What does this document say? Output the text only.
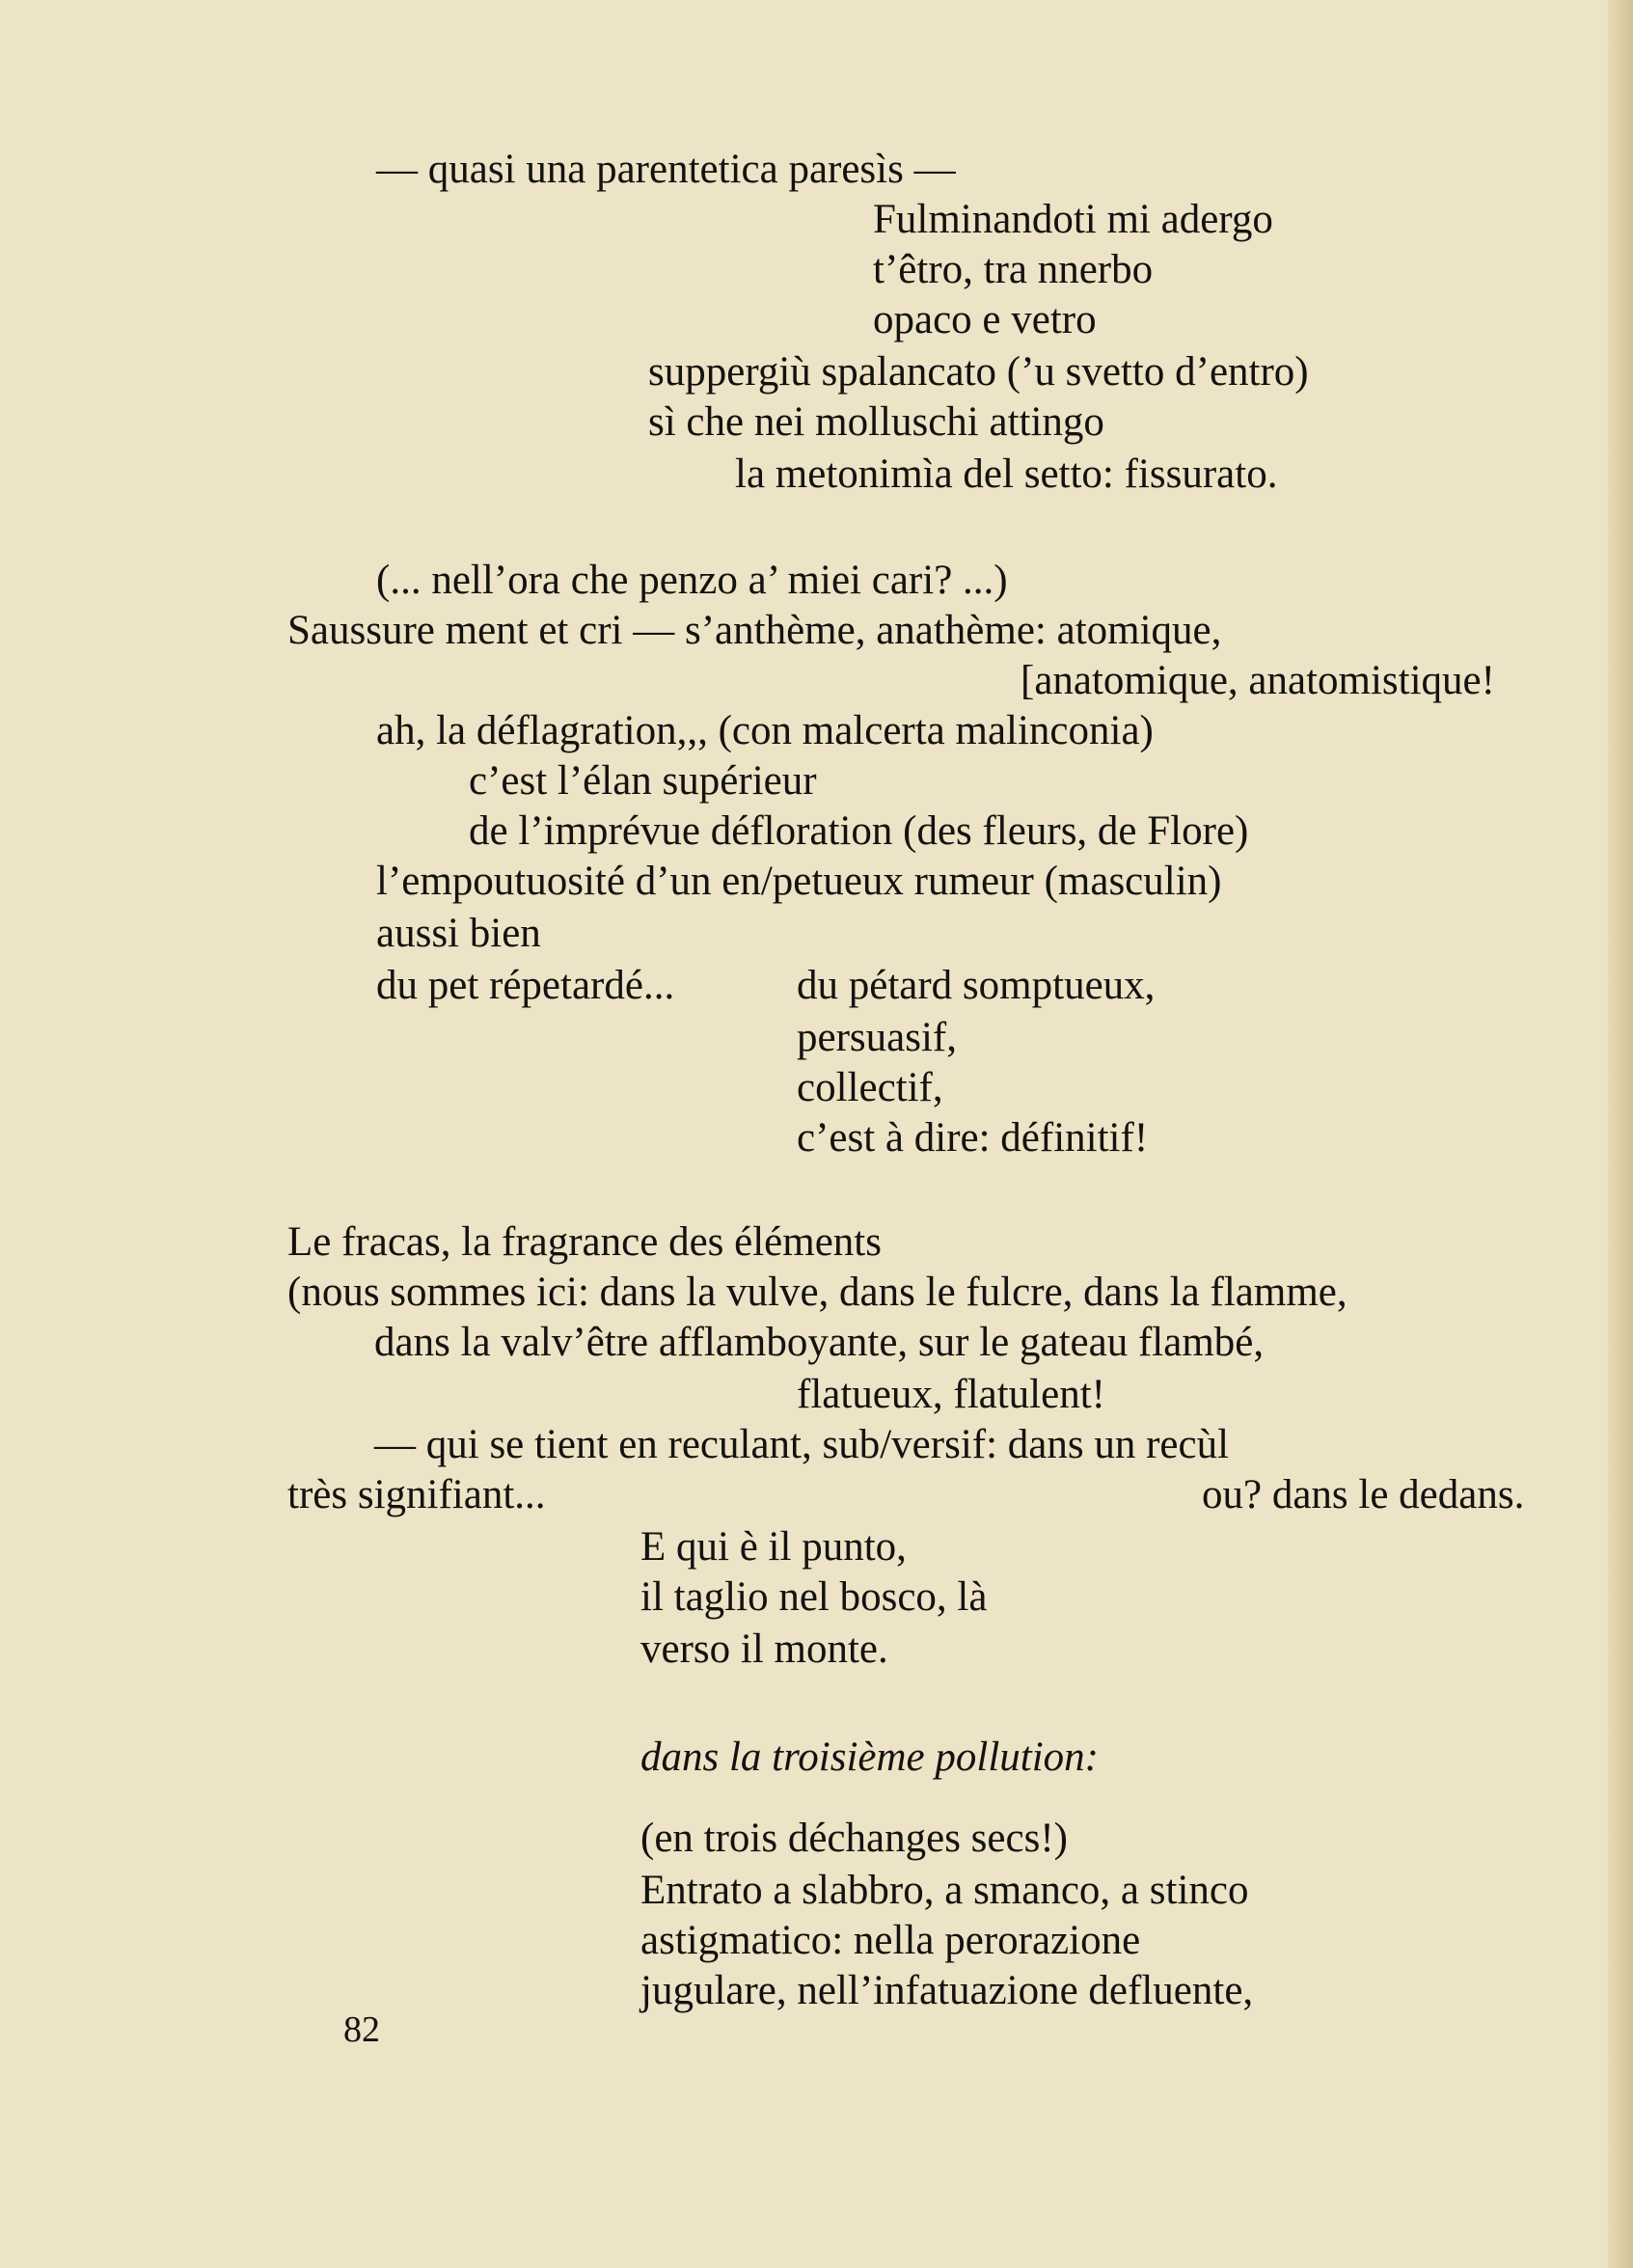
— quasi una parentetica paresìs —
Fulminandoti mi adergo
t’êtro, tra nnerbo
opaco e vetro
suppergiù spalancato (’u svetto d’entro)
sì che nei molluschi attingo
la metonimìa del setto: fissurato.
(... nell’ora che penzo a’ miei cari? ...)
Saussure ment et cri — s’anthème, anathème: atomique,
[anatomique, anatomistique!
ah, la déflagration,,, (con malcerta malinconia)
c’est l’élan supérieur
de l’imprévue défloration (des fleurs, de Flore)
l’empoutuosité d’un en/petueux rumeur (masculin)
aussi bien
du pet répetardé...	du pétard somptueux,
persuasif,
collectif,
c’est à dire: définitif!
Le fracas, la fragrance des éléments
(nous sommes ici: dans la vulve, dans le fulcre, dans la flamme,
dans la valv’être afflamboyante, sur le gateau flambé,
flatueux, flatulent!
— qui se tient en reculant, sub/versif: dans un recùl
très signifiant...	ou? dans le dedans.
E qui è il punto,
il taglio nel bosco, là
verso il monte.
dans la troisième pollution:
(en trois déchanges secs!)
Entrato a slabbro, a smanco, a stinco
astigmatico: nella perorazione
jugulare, nell’infatuazione defluente,
82
